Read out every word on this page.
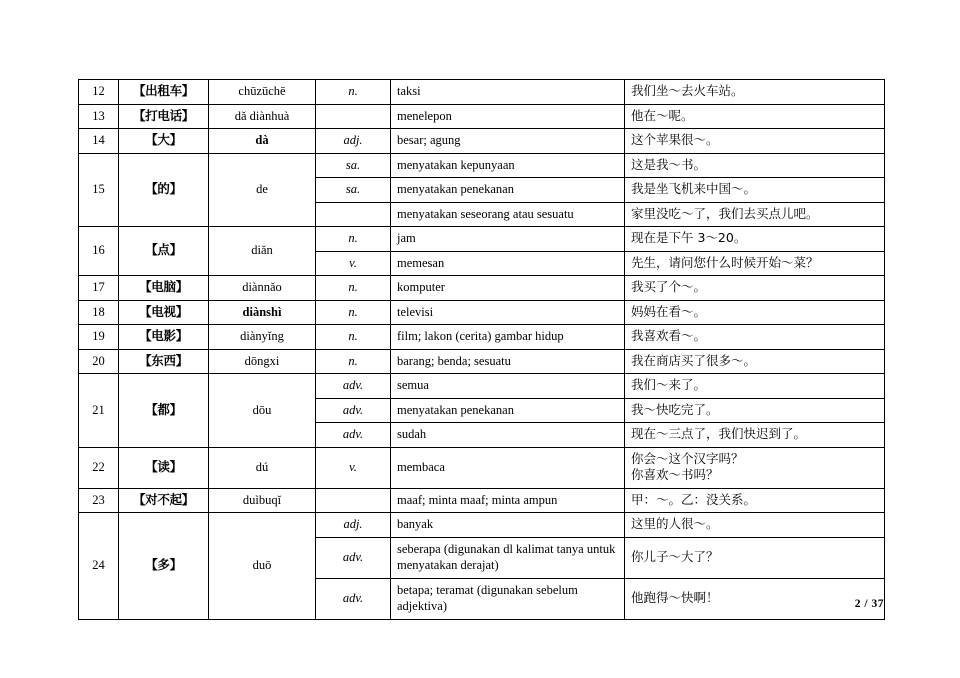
12	【出租车】	chūzūchē	n.	taksi	我们坐～去火车站。

13	【打电话】	dǎ diànhuà		menelepon	他在～呢。

14	【大】	dà	adj.	besar; agung	这个苹果很～。

15	【的】	de	sa.	menyatakan kepunyaan	这是我～书。

			sa.	menyatakan penekanan	我是坐飞机来中国～。

				menyatakan seseorang atau sesuatu	家里没吃～了，我们去买点儿吧。

16	【点】	diǎn	n.	jam	现在是下午 3～20。

			v.	memesan	先生，请问您什么时候开始～菜？

17	【电脑】	diànnǎo	n.	komputer	我买了个～。

18	【电视】	diànshì	n.	televisi	妈妈在看～。

19	【电影】	diànyǐng	n.	film; lakon (cerita) gambar hidup	我喜欢看～。

20	【东西】	dōngxi	n.	barang; benda; sesuatu	我在商店买了很多～。

21	【都】	dōu	adv.	semua	我们～来了。

			adv.	menyatakan penekanan	我～快吃完了。

			adv.	sudah	现在～三点了，我们快迟到了。

22	【读】	dú	v.	membaca	你会～这个汉字吗？
你喜欢～书吗？

23	【对不起】	duìbuqǐ		maaf; minta maaf; minta ampun	甲：～。乙：没关系。

24	【多】	duō	adj.	banyak	这里的人很～。

			adv.	seberapa (digunakan dl kalimat tanya untuk menyatakan derajat)	你儿子～大了？

			adv.	betapa; teramat (digunakan sebelum adjektiva)	他跑得～快啊！	2 / 37
